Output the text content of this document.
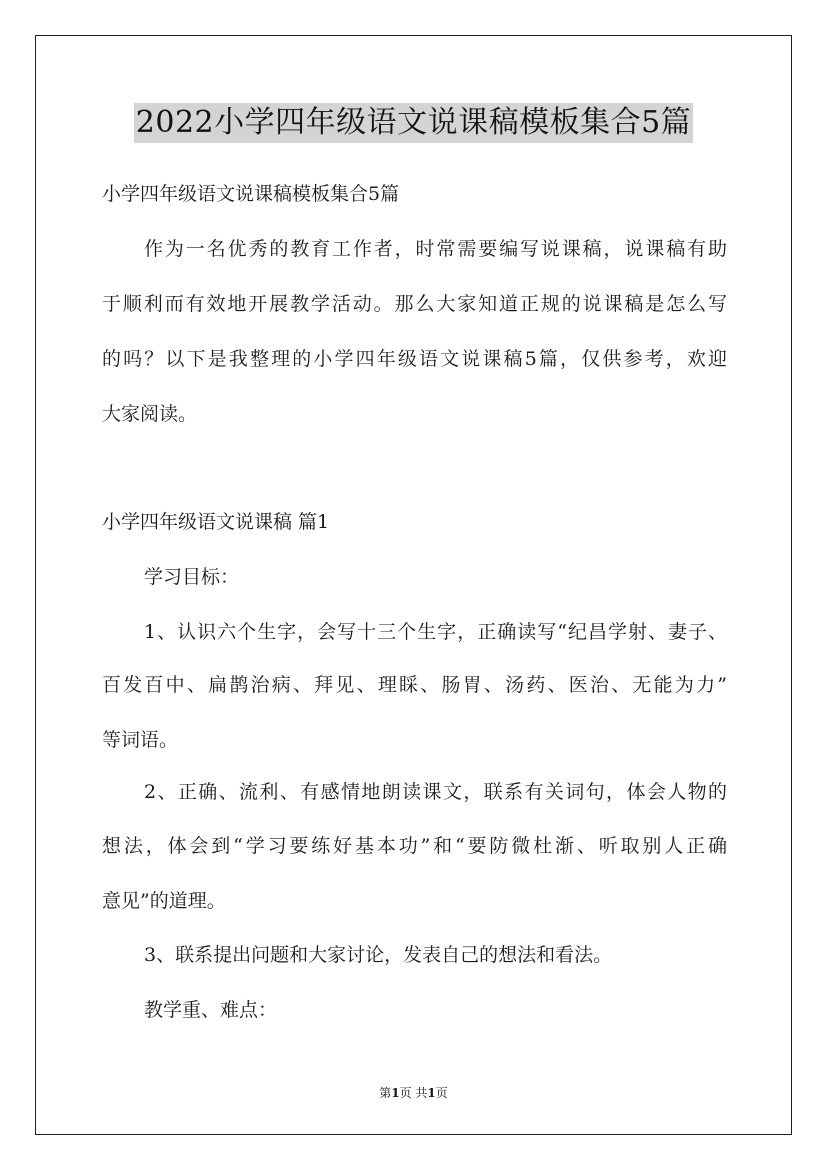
2022小学四年级语文说课稿模板集合5篇
小学四年级语文说课稿模板集合5篇
作为一名优秀的教育工作者，时常需要编写说课稿，说课稿有助
于顺利而有效地开展教学活动。那么大家知道正规的说课稿是怎么写
的吗？以下是我整理的小学四年级语文说课稿5篇，仅供参考，欢迎
大家阅读。
小学四年级语文说课稿 篇1
学习目标：
1、认识六个生字，会写十三个生字，正确读写“纪昌学射、妻子、
百发百中、扁鹊治病、拜见、理睬、肠胃、汤药、医治、无能为力”
等词语。
2、正确、流利、有感情地朗读课文，联系有关词句，体会人物的
想法，体会到“学习要练好基本功”和“要防微杜渐、听取别人正确
意见”的道理。
3、联系提出问题和大家讨论，发表自己的想法和看法。
教学重、难点：
第1页 共1页
